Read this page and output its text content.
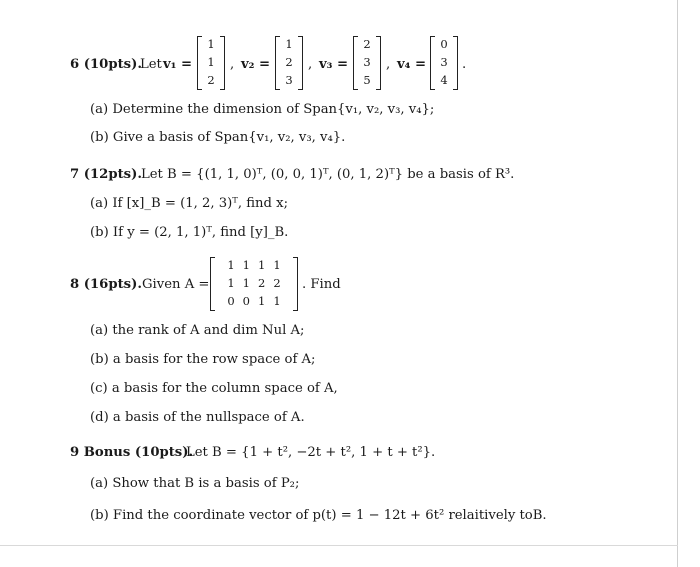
6 (10pts).
Let v₁ =
1
1
2
, v₂ =
1
2
3
, v₃ =
2
3
5
, v₄ =
0
3
4
.
(a) Determine the dimension of Span{v₁, v₂, v₃, v₄};
(b) Give a basis of Span{v₁, v₂, v₃, v₄}.
7 (12pts). Let B = {(1, 1, 0)ᵀ, (0, 0, 1)ᵀ, (0, 1, 2)ᵀ} be a basis of R³.
(a) If [x]_B = (1, 2, 3)ᵀ, find x;
(b) If y = (2, 1, 1)ᵀ, find [y]_B.
8 (16pts). Given A =
1 1 1 1
1 1 2 2
0 0 1 1
. Find
(a) the rank of A and dim Nul A;
(b) a basis for the row space of A;
(c) a basis for the column space of A,
(d) a basis of the nullspace of A.
9 Bonus (10pts).
Let B = {1 + t², −2t + t², 1 + t + t²}.
(a) Show that B is a basis of P₂;
(b) Find the coordinate vector of p(t) = 1 − 12t + 6t² relaitively toB.
